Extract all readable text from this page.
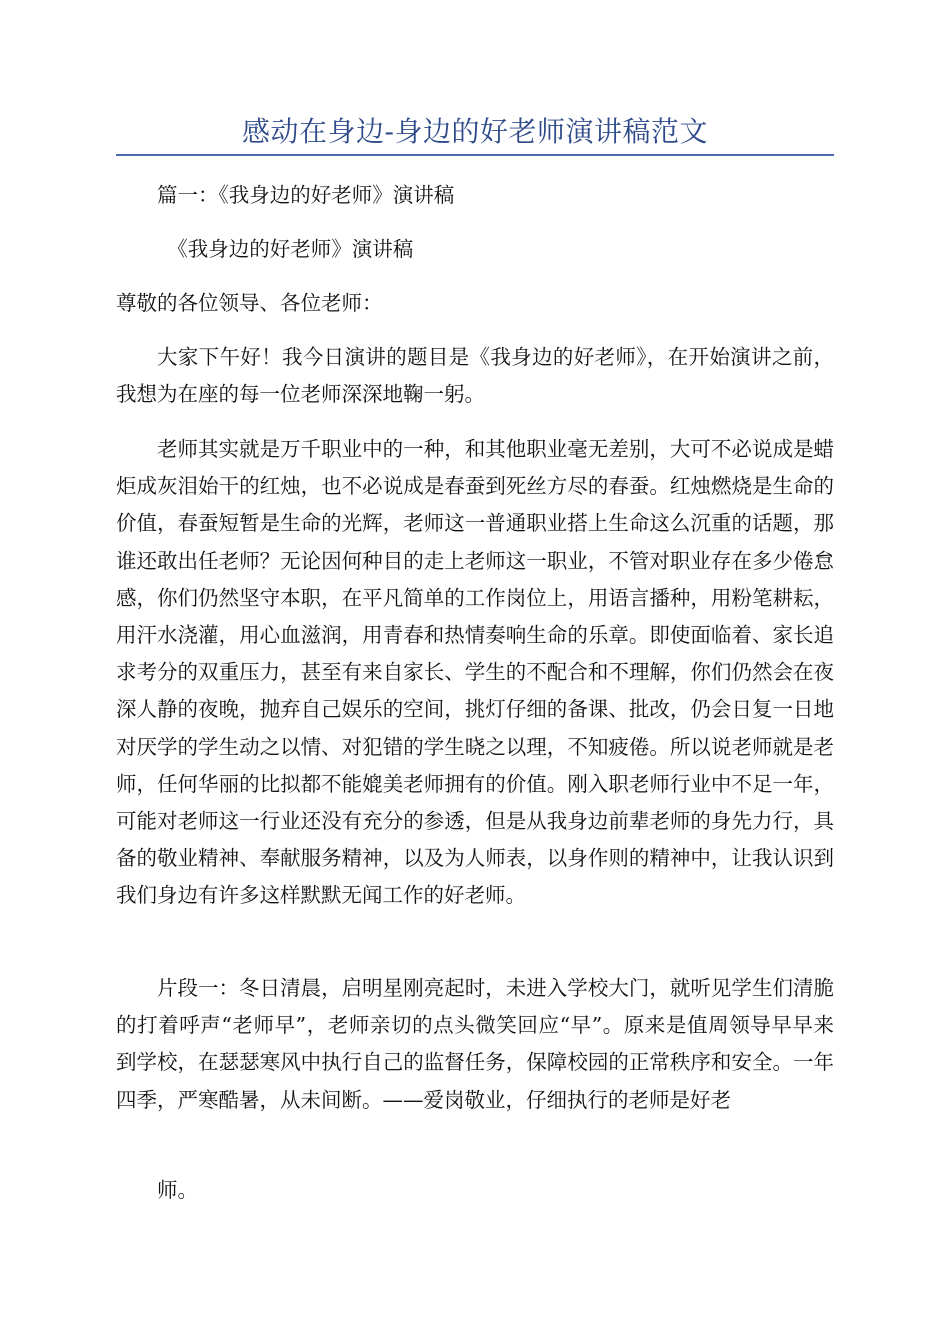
感动在身边-身边的好老师演讲稿范文

篇一：《我身边的好老师》演讲稿

《我身边的好老师》演讲稿

尊敬的各位领导、各位老师：

大家下午好！我今日演讲的题目是《我身边的好老师》，在开始演讲之前，我想为在座的每一位老师深深地鞠一躬。

老师其实就是万千职业中的一种，和其他职业毫无差别，大可不必说成是蜡炬成灰泪始干的红烛，也不必说成是春蚕到死丝方尽的春蚕。红烛燃烧是生命的价值，春蚕短暂是生命的光辉，老师这一普通职业搭上生命这么沉重的话题，那谁还敢出任老师？无论因何种目的走上老师这一职业，不管对职业存在多少倦怠感，你们仍然坚守本职，在平凡简单的工作岗位上，用语言播种，用粉笔耕耘，用汗水浇灌，用心血滋润，用青春和热情奏响生命的乐章。即使面临着、家长追求考分的双重压力，甚至有来自家长、学生的不配合和不理解，你们仍然会在夜深人静的夜晚，抛弃自己娱乐的空间，挑灯仔细的备课、批改，仍会日复一日地对厌学的学生动之以情、对犯错的学生晓之以理，不知疲倦。所以说老师就是老师，任何华丽的比拟都不能媲美老师拥有的价值。刚入职老师行业中不足一年，可能对老师这一行业还没有充分的参透，但是从我身边前辈老师的身先力行，具备的敬业精神、奉献服务精神，以及为人师表，以身作则的精神中，让我认识到我们身边有许多这样默默无闻工作的好老师。

片段一：冬日清晨，启明星刚亮起时，未进入学校大门，就听见学生们清脆的打着呼声“老师早”，老师亲切的点头微笑回应“早”。原来是值周领导早早来到学校，在瑟瑟寒风中执行自己的监督任务，保障校园的正常秩序和安全。一年四季，严寒酷暑，从未间断。——爱岗敬业，仔细执行的老师是好老

师。
